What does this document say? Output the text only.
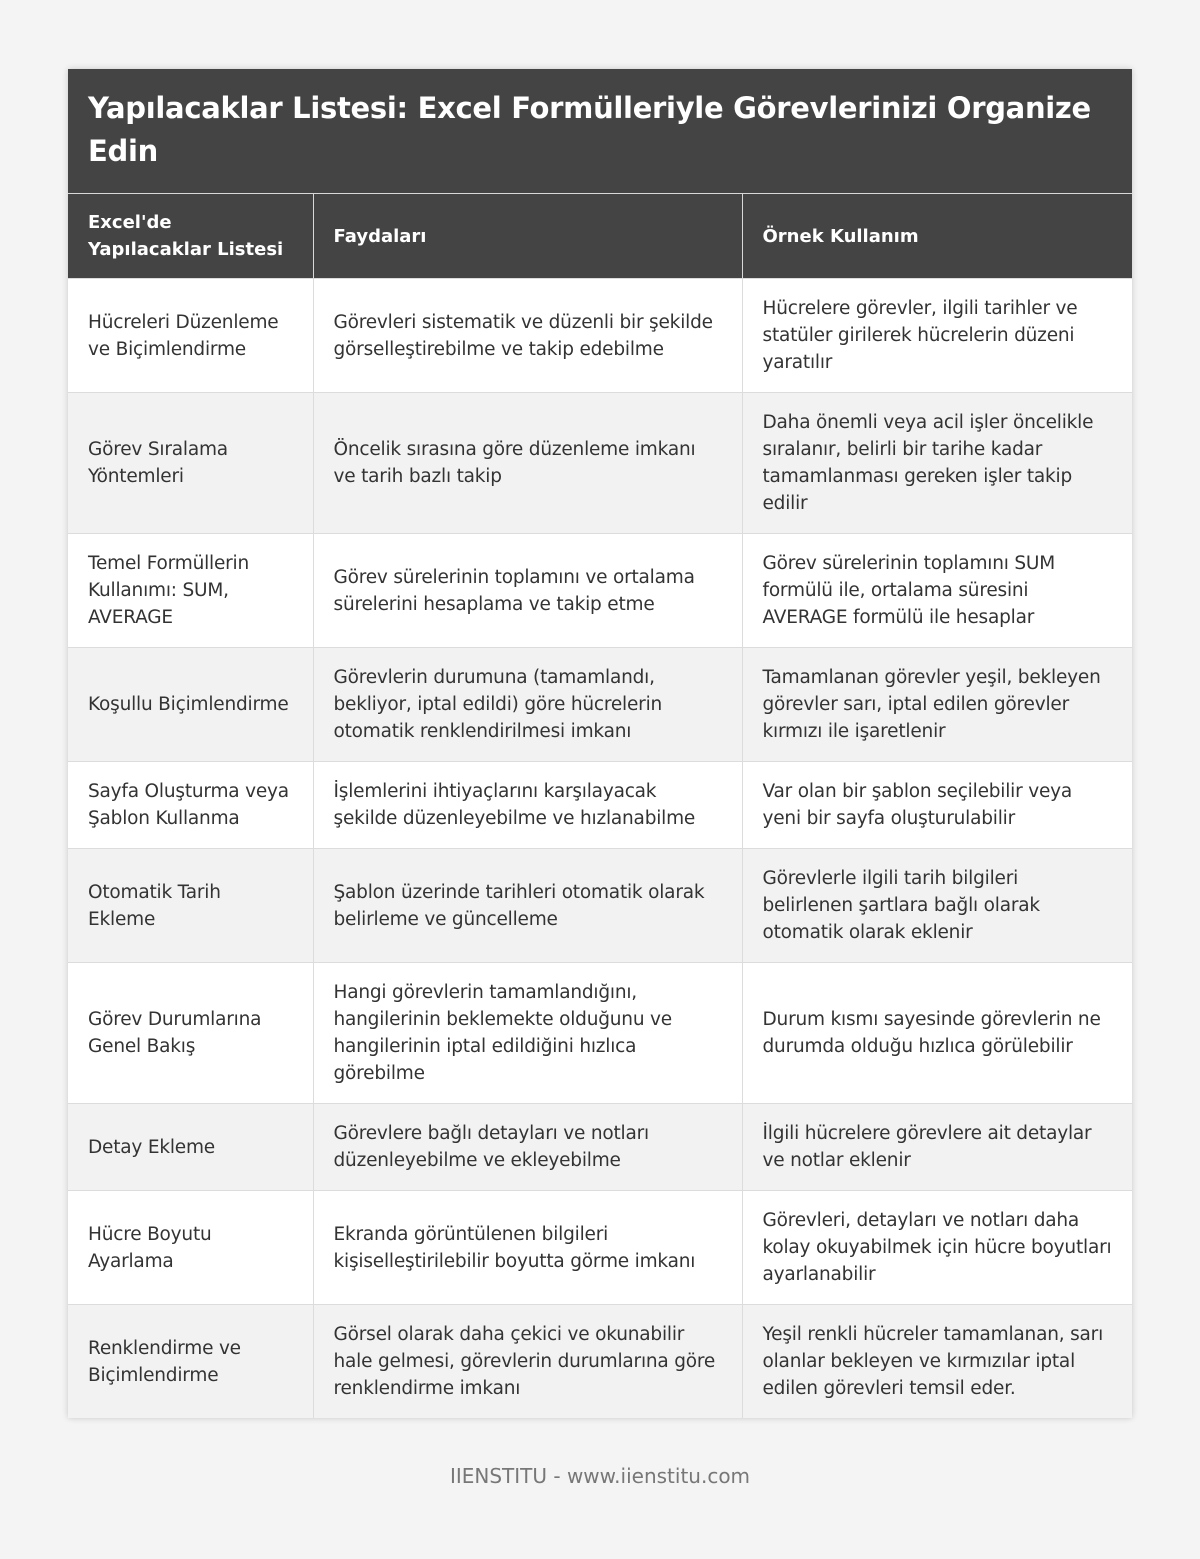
Yapılacaklar Listesi: Excel Formülleriyle Görevlerinizi Organize Edin
Excel'de Yapılacaklar Listesi	Faydaları	Örnek Kullanım
Hücreleri Düzenleme ve Biçimlendirme	Görevleri sistematik ve düzenli bir şekilde görselleştirebilme ve takip edebilme	Hücrelere görevler, ilgili tarihler ve statüler girilerek hücrelerin düzeni yaratılır
Görev Sıralama Yöntemleri	Öncelik sırasına göre düzenleme imkanı ve tarih bazlı takip	Daha önemli veya acil işler öncelikle sıralanır, belirli bir tarihe kadar tamamlanması gereken işler takip edilir
Temel Formüllerin Kullanımı: SUM, AVERAGE	Görev sürelerinin toplamını ve ortalama sürelerini hesaplama ve takip etme	Görev sürelerinin toplamını SUM formülü ile, ortalama süresini AVERAGE formülü ile hesaplar
Koşullu Biçimlendirme	Görevlerin durumuna (tamamlandı, bekliyor, iptal edildi) göre hücrelerin otomatik renklendirilmesi imkanı	Tamamlanan görevler yeşil, bekleyen görevler sarı, iptal edilen görevler kırmızı ile işaretlenir
Sayfa Oluşturma veya Şablon Kullanma	İşlemlerini ihtiyaçlarını karşılayacak şekilde düzenleyebilme ve hızlanabilme	Var olan bir şablon seçilebilir veya yeni bir sayfa oluşturulabilir
Otomatik Tarih Ekleme	Şablon üzerinde tarihleri otomatik olarak belirleme ve güncelleme	Görevlerle ilgili tarih bilgileri belirlenen şartlara bağlı olarak otomatik olarak eklenir
Görev Durumlarına Genel Bakış	Hangi görevlerin tamamlandığını, hangilerinin beklemekte olduğunu ve hangilerinin iptal edildiğini hızlıca görebilme	Durum kısmı sayesinde görevlerin ne durumda olduğu hızlıca görülebilir
Detay Ekleme	Görevlere bağlı detayları ve notları düzenleyebilme ve ekleyebilme	İlgili hücrelere görevlere ait detaylar ve notlar eklenir
Hücre Boyutu Ayarlama	Ekranda görüntülenen bilgileri kişiselleştirilebilir boyutta görme imkanı	Görevleri, detayları ve notları daha kolay okuyabilmek için hücre boyutları ayarlanabilir
Renklendirme ve Biçimlendirme	Görsel olarak daha çekici ve okunabilir hale gelmesi, görevlerin durumlarına göre renklendirme imkanı	Yeşil renkli hücreler tamamlanan, sarı olanlar bekleyen ve kırmızılar iptal edilen görevleri temsil eder.
IIENSTITU - www.iienstitu.com
